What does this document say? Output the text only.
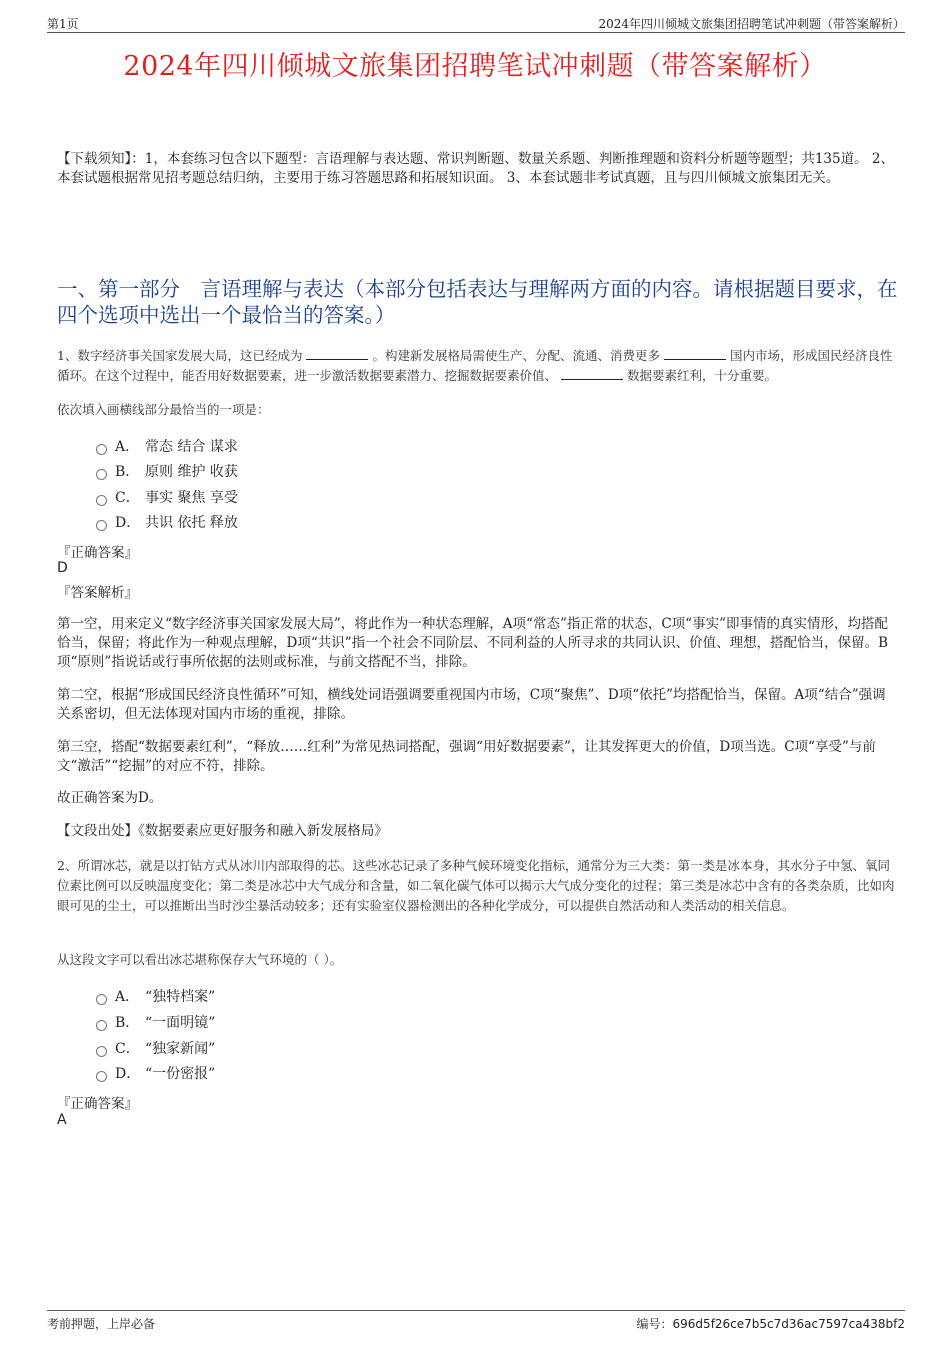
第1页	2024年四川倾城文旅集团招聘笔试冲刺题（带答案解析）
2024年四川倾城文旅集团招聘笔试冲刺题（带答案解析）

【下载须知】：1，本套练习包含以下题型：言语理解与表达题、常识判断题、数量关系题、判断推理题和资料分析题等题型；共135道。 2、本套试题根据常见招考题总结归纳，主要用于练习答题思路和拓展知识面。 3、本套试题非考试真题，且与四川倾城文旅集团无关。

一、第一部分　言语理解与表达（本部分包括表达与理解两方面的内容。请根据题目要求，在四个选项中选出一个最恰当的答案。）

1、数字经济事关国家发展大局，这已经成为	。构建新发展格局需使生产、分配、流通、消费更多	国内市场，形成国民经济良性循环。在这个过程中，能否用好数据要素，进一步激活数据要素潜力、挖掘数据要素价值、	数据要素红利，十分重要。

依次填入画横线部分最恰当的一项是：

A． 常态 结合 谋求
B． 原则 维护 收获
C． 事实 聚焦 享受
D． 共识 依托 释放

『正确答案』

D

『答案解析』

第一空，用来定义“数字经济事关国家发展大局”，将此作为一种状态理解，A项“常态”指正常的状态，C项“事实”即事情的真实情形，均搭配恰当，保留；将此作为一种观点理解，D项“共识”指一个社会不同阶层、不同利益的人所寻求的共同认识、价值、理想，搭配恰当，保留。B项“原则”指说话或行事所依据的法则或标准，与前文搭配不当，排除。

第二空，根据“形成国民经济良性循环”可知，横线处词语强调要重视国内市场，C项“聚焦”、D项“依托”均搭配恰当，保留。A项“结合”强调关系密切，但无法体现对国内市场的重视，排除。

第三空，搭配“数据要素红利”，“释放……红利”为常见热词搭配，强调“用好数据要素”，让其发挥更大的价值，D项当选。C项“享受”与前文“激活”“挖掘”的对应不符，排除。

故正确答案为D。

【文段出处】《数据要素应更好服务和融入新发展格局》

2、所谓冰芯，就是以打钻方式从冰川内部取得的芯。这些冰芯记录了多种气候环境变化指标，通常分为三大类：第一类是冰本身，其水分子中氢、氧同位素比例可以反映温度变化；第二类是冰芯中大气成分和含量，如二氧化碳气体可以揭示大气成分变化的过程；第三类是冰芯中含有的各类杂质，比如肉眼可见的尘土，可以推断出当时沙尘暴活动较多；还有实验室仪器检测出的各种化学成分，可以提供自然活动和人类活动的相关信息。

从这段文字可以看出冰芯堪称保存大气环境的（ ）。

A． “独特档案”
B． “一面明镜”
C． “独家新闻”
D． “一份密报”

『正确答案』

A

考前押题，上岸必备	编号：696d5f26ce7b5c7d36ac7597ca438bf2
